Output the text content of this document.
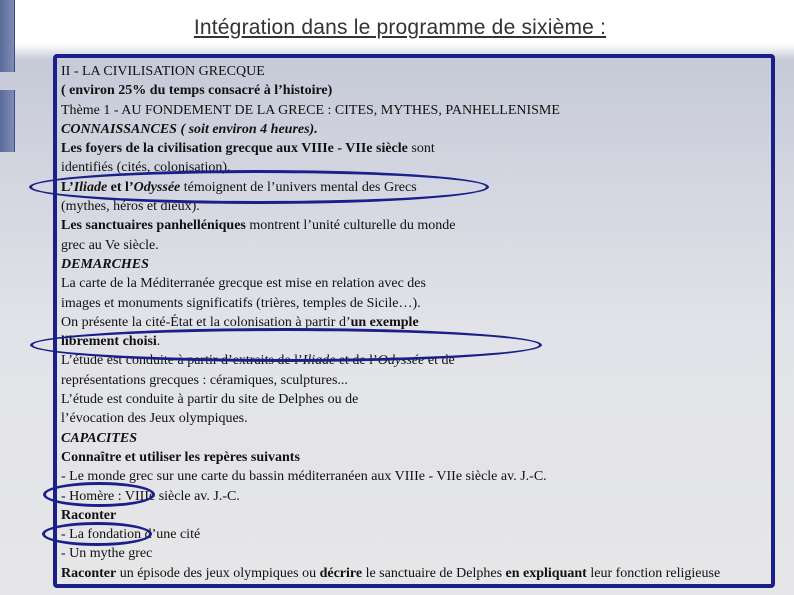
Intégration dans le programme de sixième :
II - LA CIVILISATION GRECQUE
( environ 25% du temps consacré à l’histoire)
Thème 1 - AU FONDEMENT DE LA GRECE : CITES, MYTHES, PANHELLENISME
CONNAISSANCES ( soit environ 4 heures).
Les foyers de la civilisation grecque aux VIIIe - VIIe siècle sont
identifiés (cités, colonisation).
L’Iliade et l’Odyssée témoignent de l’univers mental des Grecs
(mythes, héros et dieux).
Les sanctuaires panhelléniques montrent l’unité culturelle du monde
grec au Ve siècle.
DEMARCHES
La carte de la Méditerranée grecque est mise en relation avec des
images et monuments significatifs (trières, temples de Sicile…).
On présente la cité-État et la colonisation à partir d’un exemple
librement choisi.
L’étude est conduite à partir d’extraits de l’Iliade et de l’Odyssée et de
représentations grecques : céramiques, sculptures...
L’étude est conduite à partir du site de Delphes ou de
l’évocation des Jeux olympiques.
CAPACITES
Connaître et utiliser les repères suivants
- Le monde grec sur une carte du bassin méditerranéen aux VIIIe - VIIe siècle av. J.-C.
- Homère : VIIIe siècle av. J.-C.
Raconter
- La fondation d’une cité
- Un mythe grec
Raconter un épisode des jeux olympiques ou décrire le sanctuaire de Delphes en expliquant leur fonction religieuse
